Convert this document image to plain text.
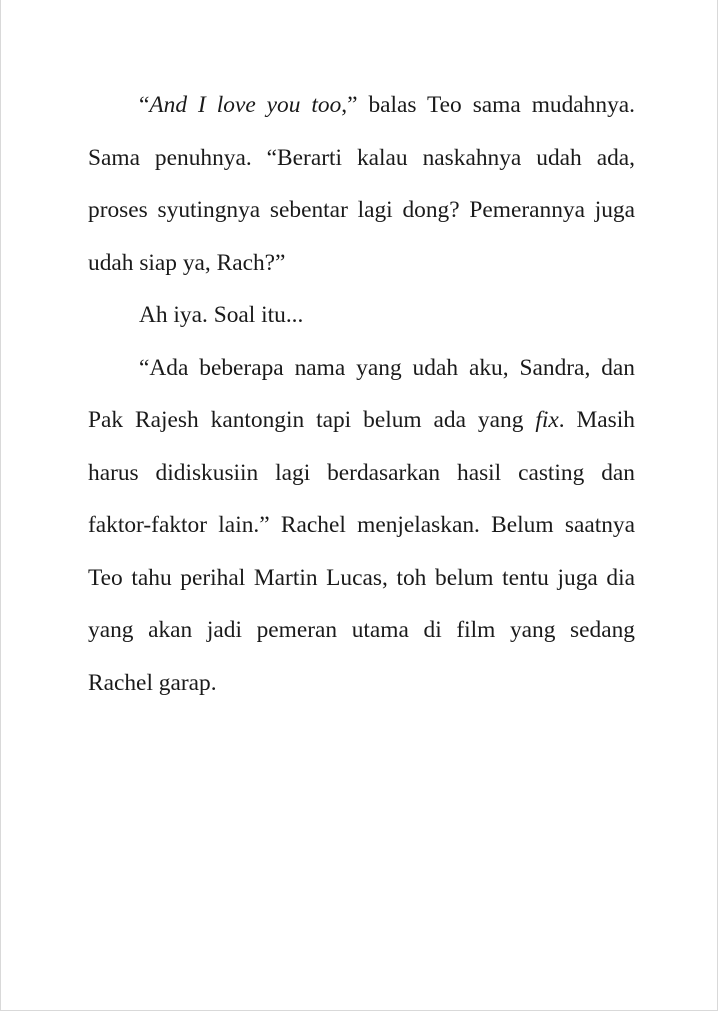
“And I love you too,” balas Teo sama mudahnya. Sama penuhnya. “Berarti kalau naskahnya udah ada, proses syutingnya sebentar lagi dong? Pemerannya juga udah siap ya, Rach?”

Ah iya. Soal itu...

“Ada beberapa nama yang udah aku, Sandra, dan Pak Rajesh kantongin tapi belum ada yang fix. Masih harus didiskusiin lagi berdasarkan hasil casting dan faktor-faktor lain.” Rachel menjelaskan. Belum saatnya Teo tahu perihal Martin Lucas, toh belum tentu juga dia yang akan jadi pemeran utama di film yang sedang Rachel garap.
